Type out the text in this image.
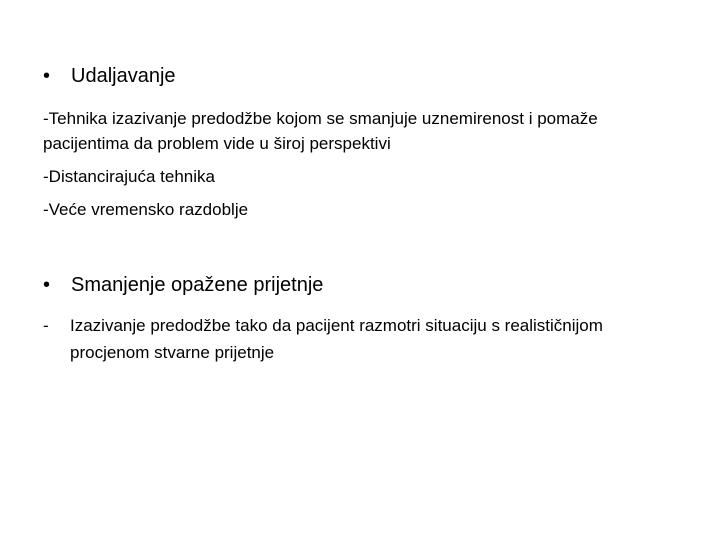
•	Udaljavanje

-Tehnika izazivanje predodžbe kojom se smanjuje uznemirenost i pomaže pacijentima da problem vide u široj perspektivi

-Distancirajuća tehnika

-Veće vremensko razdoblje

•	Smanjenje opažene prijetnje
-	Izazivanje predodžbe tako da pacijent razmotri situaciju s realističnijom procjenom stvarne prijetnje
